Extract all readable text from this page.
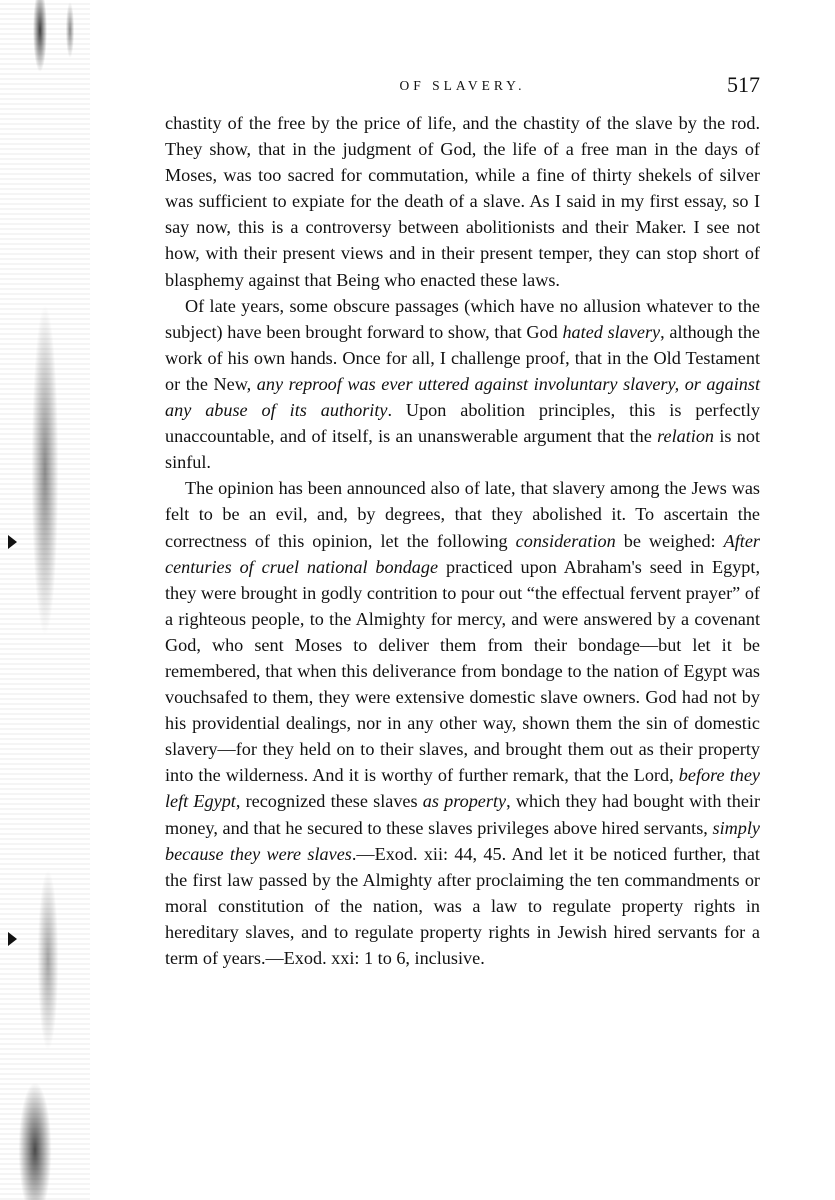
OF SLAVERY.	517

chastity of the free by the price of life, and the chastity of the slave by the rod. They show, that in the judgment of God, the life of a free man in the days of Moses, was too sacred for commutation, while a fine of thirty shekels of silver was sufficient to expiate for the death of a slave. As I said in my first essay, so I say now, this is a controversy between abolitionists and their Maker. I see not how, with their present views and in their present temper, they can stop short of blasphemy against that Being who enacted these laws.

Of late years, some obscure passages (which have no allusion whatever to the subject) have been brought forward to show, that God hated slavery, although the work of his own hands. Once for all, I challenge proof, that in the Old Testament or the New, any reproof was ever uttered against involuntary slavery, or against any abuse of its authority. Upon abolition principles, this is perfectly unaccountable, and of itself, is an unanswerable argument that the relation is not sinful.

The opinion has been announced also of late, that slavery among the Jews was felt to be an evil, and, by degrees, that they abolished it. To ascertain the correctness of this opinion, let the following consideration be weighed: After centuries of cruel national bondage practiced upon Abraham's seed in Egypt, they were brought in godly contrition to pour out “the effectual fervent prayer” of a righteous people, to the Almighty for mercy, and were answered by a covenant God, who sent Moses to deliver them from their bondage—but let it be remembered, that when this deliverance from bondage to the nation of Egypt was vouchsafed to them, they were extensive domestic slave owners. God had not by his providential dealings, nor in any other way, shown them the sin of domestic slavery—for they held on to their slaves, and brought them out as their property into the wilderness. And it is worthy of further remark, that the Lord, before they left Egypt, recognized these slaves as property, which they had bought with their money, and that he secured to these slaves privileges above hired servants, simply because they were slaves.—Exod. xii: 44, 45. And let it be noticed further, that the first law passed by the Almighty after proclaiming the ten commandments or moral constitution of the nation, was a law to regulate property rights in hereditary slaves, and to regulate property rights in Jewish hired servants for a term of years.—Exod. xxi: 1 to 6, inclusive.
